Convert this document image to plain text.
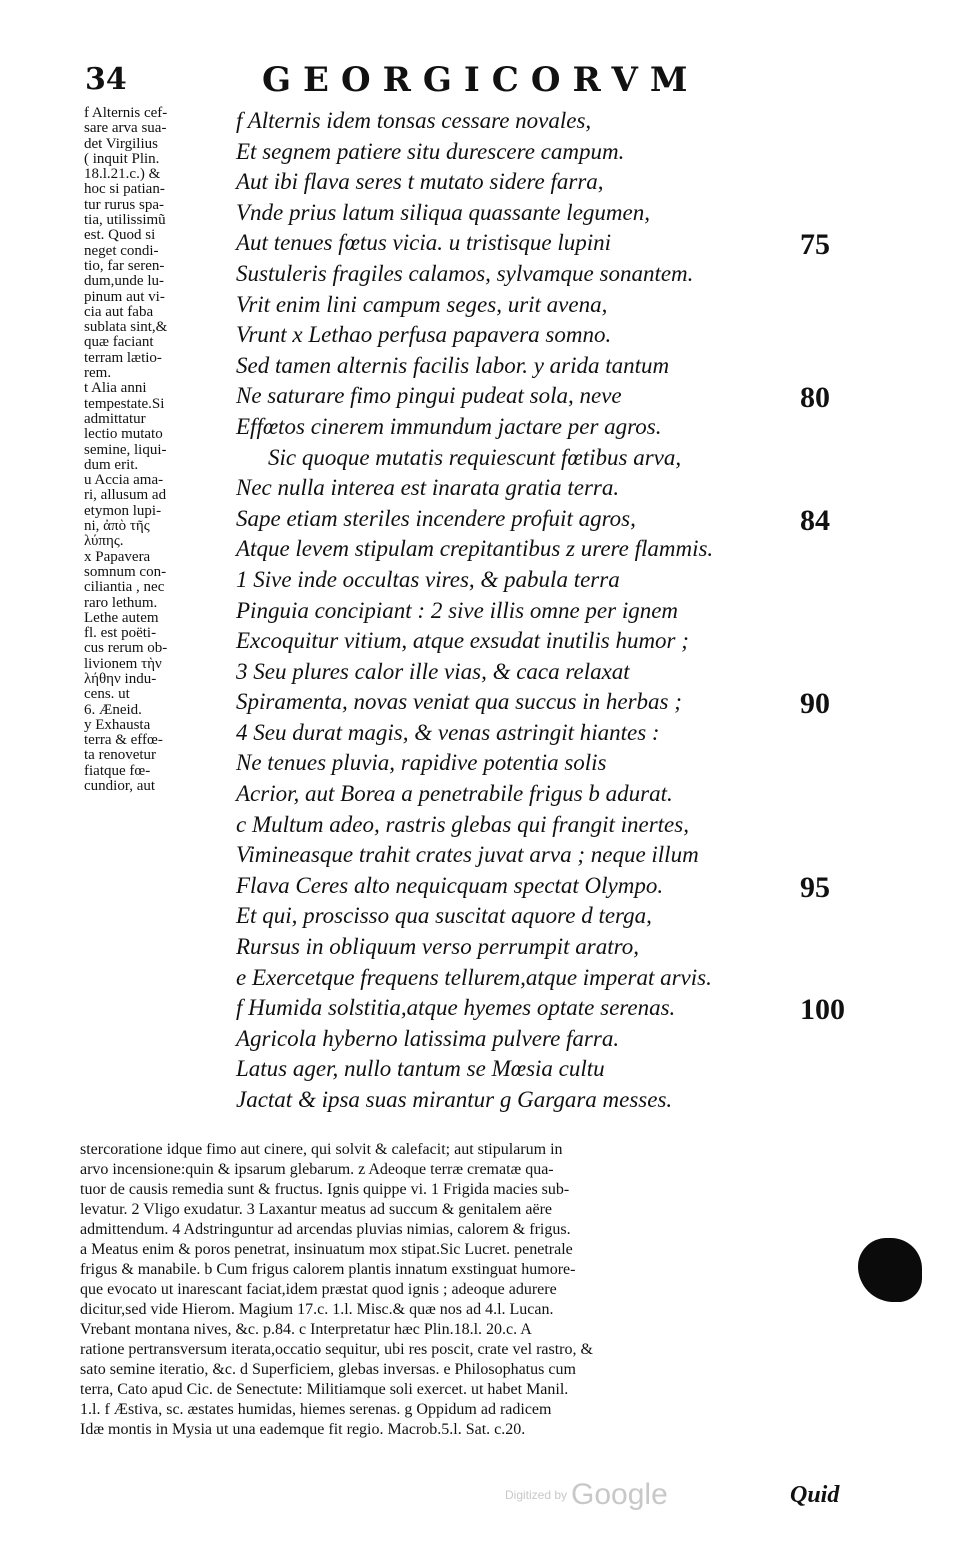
34	GEORGICORVM
f Alternis cef-
sare arva sua-
det Virgilius
( inquit Plin.
18.l.21.c.) &
hoc si patian-
tur rurus spa-
tia, utilissimũ
est. Quod si
neget condi-
tio, far seren-
dum,unde lu-
pinum aut vi-
cia aut faba
sublata sint,&
quæ faciant
terram lætio-
rem.
t Alia anni
tempestate.Si
admittatur
lectio mutato
semine, liqui-
dum erit.
u Accia ama-
ri, allusum ad
etymon lupi-
ni, ἀπὸ τῆς
λύπης.
x Papavera
somnum con-
ciliantia , nec
raro lethum.
Lethe autem
fl. est poëti-
cus rerum ob-
livionem τὴν
λήθην indu-
cens. ut
6. Æneid.
y Exhausta
terra & effœ-
ta renovetur
fiatque fœ-
cundior, aut
f Alternis idem tonsas cessare novales,
Et segnem patiere situ durescere campum.
Aut ibi flava seres t mutato sidere farra,
Vnde prius latum siliqua quassante legumen,
Aut tenues fœtus vicia. u tristisque lupini	75
Sustuleris fragiles calamos, sylvamque sonantem.
Vrit enim lini campum seges, urit avena,
Vrunt x Lethao perfusa papavera somno.
Sed tamen alternis facilis labor. y arida tantum
Ne saturare fimo pingui pudeat sola, neve	80
Effœtos cinerem immundum jactare per agros.
Sic quoque mutatis requiescunt fœtibus arva,
Nec nulla interea est inarata gratia terra.
Sape etiam steriles incendere profuit agros,	84
Atque levem stipulam crepitantibus z urere flammis.
1 Sive inde occultas vires, & pabula terra
Pinguia concipiant : 2 sive illis omne per ignem
Excoquitur vitium, atque exsudat inutilis humor ;
3 Seu plures calor ille vias, & caca relaxat
Spiramenta, novas veniat qua succus in herbas ;	90
4 Seu durat magis, & venas astringit hiantes :
Ne tenues pluvia, rapidive potentia solis
Acrior, aut Borea a penetrabile frigus b adurat.
c Multum adeo, rastris glebas qui frangit inertes,
Vimineasque trahit crates juvat arva ; neque illum
Flava Ceres alto nequicquam spectat Olympo.	95
Et qui, proscisso qua suscitat aquore d terga,
Rursus in obliquum verso perrumpit aratro,
e Exercetque frequens tellurem,atque imperat arvis.
f Humida solstitia,atque hyemes optate serenas.	100
Agricola hyberno latissima pulvere farra.
Latus ager, nullo tantum se Mœsia cultu
Jactat & ipsa suas mirantur g Gargara messes.
stercoratione idque fimo aut cinere, qui solvit & calefacit; aut stipularum in
arvo incensione:quin & ipsarum glebarum. z Adeoque terræ crematæ qua-
tuor de causis remedia sunt & fructus. Ignis quippe vi. 1 Frigida macies sub-
levatur. 2 Vligo exudatur. 3 Laxantur meatus ad succum & genitalem aëre
admittendum. 4 Adstringuntur ad arcendas pluvias nimias, calorem & frigus.
a Meatus enim & poros penetrat, insinuatum mox stipat.Sic Lucret. penetrale
frigus & manabile. b Cum frigus calorem plantis innatum exstinguat humore-
que evocato ut inarescant faciat,idem præstat quod ignis ; adeoque adurere
dicitur,sed vide Hierom. Magium 17.c. 1.l. Misc.& quæ nos ad 4.l. Lucan.
Vrebant montana nives, &c. p.84. c Interpretatur hæc Plin.18.l. 20.c. A
ratione pertransversum iterata,occatio sequitur, ubi res poscit, crate vel rastro, &
sato semine iteratio, &c. d Superficiem, glebas inversas. e Philosophatus cum
terra, Cato apud Cic. de Senectute: Militiamque soli exercet. ut habet Manil.
1.l. f Æstiva, sc. æstates humidas, hiemes serenas. g Oppidum ad radicem
Idæ montis in Mysia ut una eademque fit regio. Macrob.5.l. Sat. c.20.
Digitized by Google	Quid
